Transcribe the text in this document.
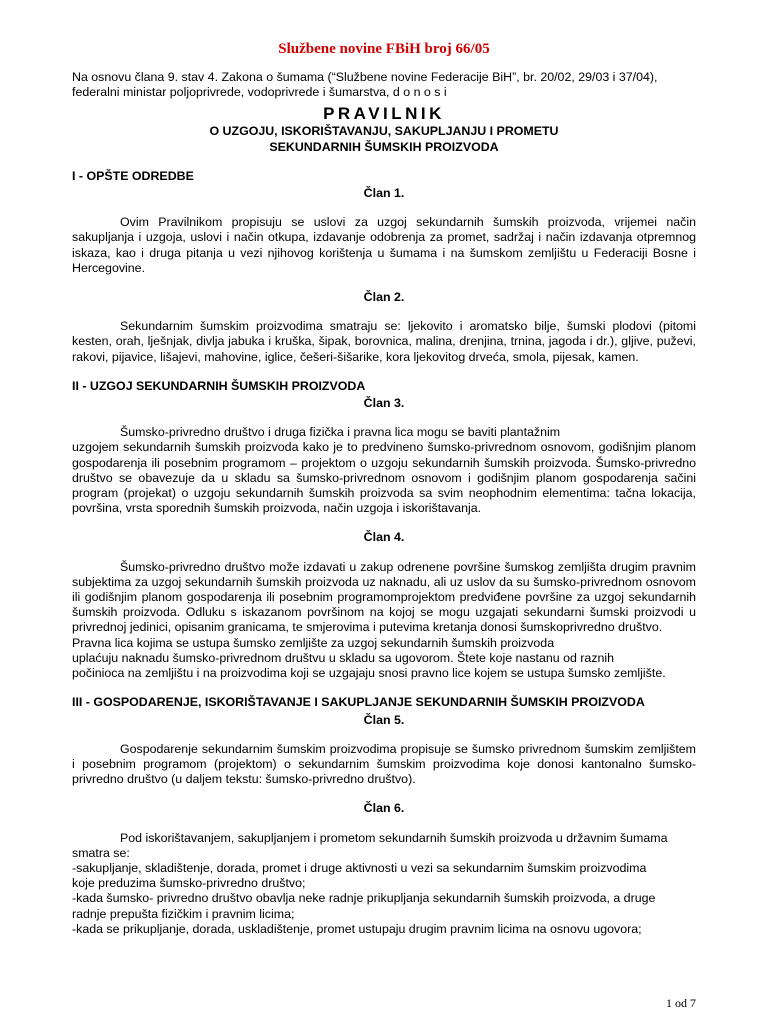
Službene novine FBiH broj 66/05

Na osnovu člana 9. stav 4. Zakona o šumama (“Službene novine Federacije BiH”, br. 20/02, 29/03 i 37/04), federalni ministar poljoprivrede, vodoprivrede i šumarstva, d o n o s i

PRAVILNIK
O UZGOJU, ISKORIŠTAVANJU, SAKUPLJANJU I PROMETU
SEKUNDARNIH ŠUMSKIH PROIZVODA
I - OPŠTE ODREDBE
Član 1.

Ovim Pravilnikom propisuju se uslovi za uzgoj sekundarnih šumskih proizvoda, vrijemei način sakupljanja i uzgoja, uslovi i način otkupa, izdavanje odobrenja za promet, sadržaj i način izdavanja otpremnog iskaza, kao i druga pitanja u vezi njihovog korištenja u šumama i na šumskom zemljištu u Federaciji Bosne i Hercegovine.

Član 2.

Sekundarnim šumskim proizvodima smatraju se: ljekovito i aromatsko bilje, šumski plodovi (pitomi kesten, orah, lješnjak, divlja jabuka i kruška, šipak, borovnica, malina, drenjina, trnina, jagoda i dr.), gljive, puževi, rakovi, pijavice, lišajevi, mahovine, iglice, češeri-šišarike, kora ljekovitog drveća, smola, pijesak, kamen.

II - UZGOJ SEKUNDARNIH ŠUMSKIH PROIZVODA
Član 3.

Šumsko-privredno društvo i druga fizička i pravna lica mogu se baviti plantažnim

uzgojem sekundarnih šumskih proizvoda kako je to predvineno šumsko-privrednom osnovom, godišnjim planom gospodarenja ili posebnim programom – projektom o uzgoju sekundarnih šumskih proizvoda. Šumsko-privredno društvo se obavezuje da u skladu sa šumsko-privrednom osnovom i godišnjim planom gospodarenja sačini program (projekat) o uzgoju sekundarnih šumskih proizvoda sa svim neophodnim elementima: tačna lokacija, površina, vrsta sporednih šumskih proizvoda, način uzgoja i iskorištavanja.

Član 4.

Šumsko-privredno društvo može izdavati u zakup odrenene površine šumskog zemljišta drugim pravnim subjektima za uzgoj sekundarnih šumskih proizvoda uz naknadu, ali uz uslov da su šumsko-privrednom osnovom ili godišnjim planom gospodarenja ili posebnim programomprojektom predviđene površine za uzgoj sekundarnih šumskih proizvoda. Odluku s iskazanom površinom na kojoj se mogu uzgajati sekundarni šumski proizvodi u privrednoj jedinici, opisanim granicama, te smjerovima i putevima kretanja donosi šumskoprivredno društvo.

Pravna lica kojima se ustupa šumsko zemljište za uzgoj sekundarnih šumskih proizvoda

uplaćuju naknadu šumsko-privrednom društvu u skladu sa ugovorom. Štete koje nastanu od raznih

počinioca na zemljištu i na proizvodima koji se uzgajaju snosi pravno lice kojem se ustupa šumsko zemljište.

III - GOSPODARENJE, ISKORIŠTAVANJE I SAKUPLJANJE SEKUNDARNIH ŠUMSKIH PROIZVODA
Član 5.

Gospodarenje sekundarnim šumskim proizvodima propisuje se šumsko privrednom šumskim zemljištem i posebnim programom (projektom) o sekundarnim šumskim proizvodima koje donosi kantonalno šumsko-privredno društvo (u daljem tekstu: šumsko-privredno društvo).

Član 6.

Pod iskorištavanjem, sakupljanjem i prometom sekundarnih šumskih proizvoda u državnim šumama

smatra se:

-sakupljanje, skladištenje, dorada, promet i druge aktivnosti u vezi sa sekundarnim šumskim proizvodima

koje preduzima šumsko-privredno društvo;

-kada šumsko- privredno društvo obavlja neke radnje prikupljanja sekundarnih šumskih proizvoda, a druge

radnje prepušta fizičkim i pravnim licima;

-kada se prikupljanje, dorada, uskladištenje, promet ustupaju drugim pravnim licima na osnovu ugovora;

1 od 7
